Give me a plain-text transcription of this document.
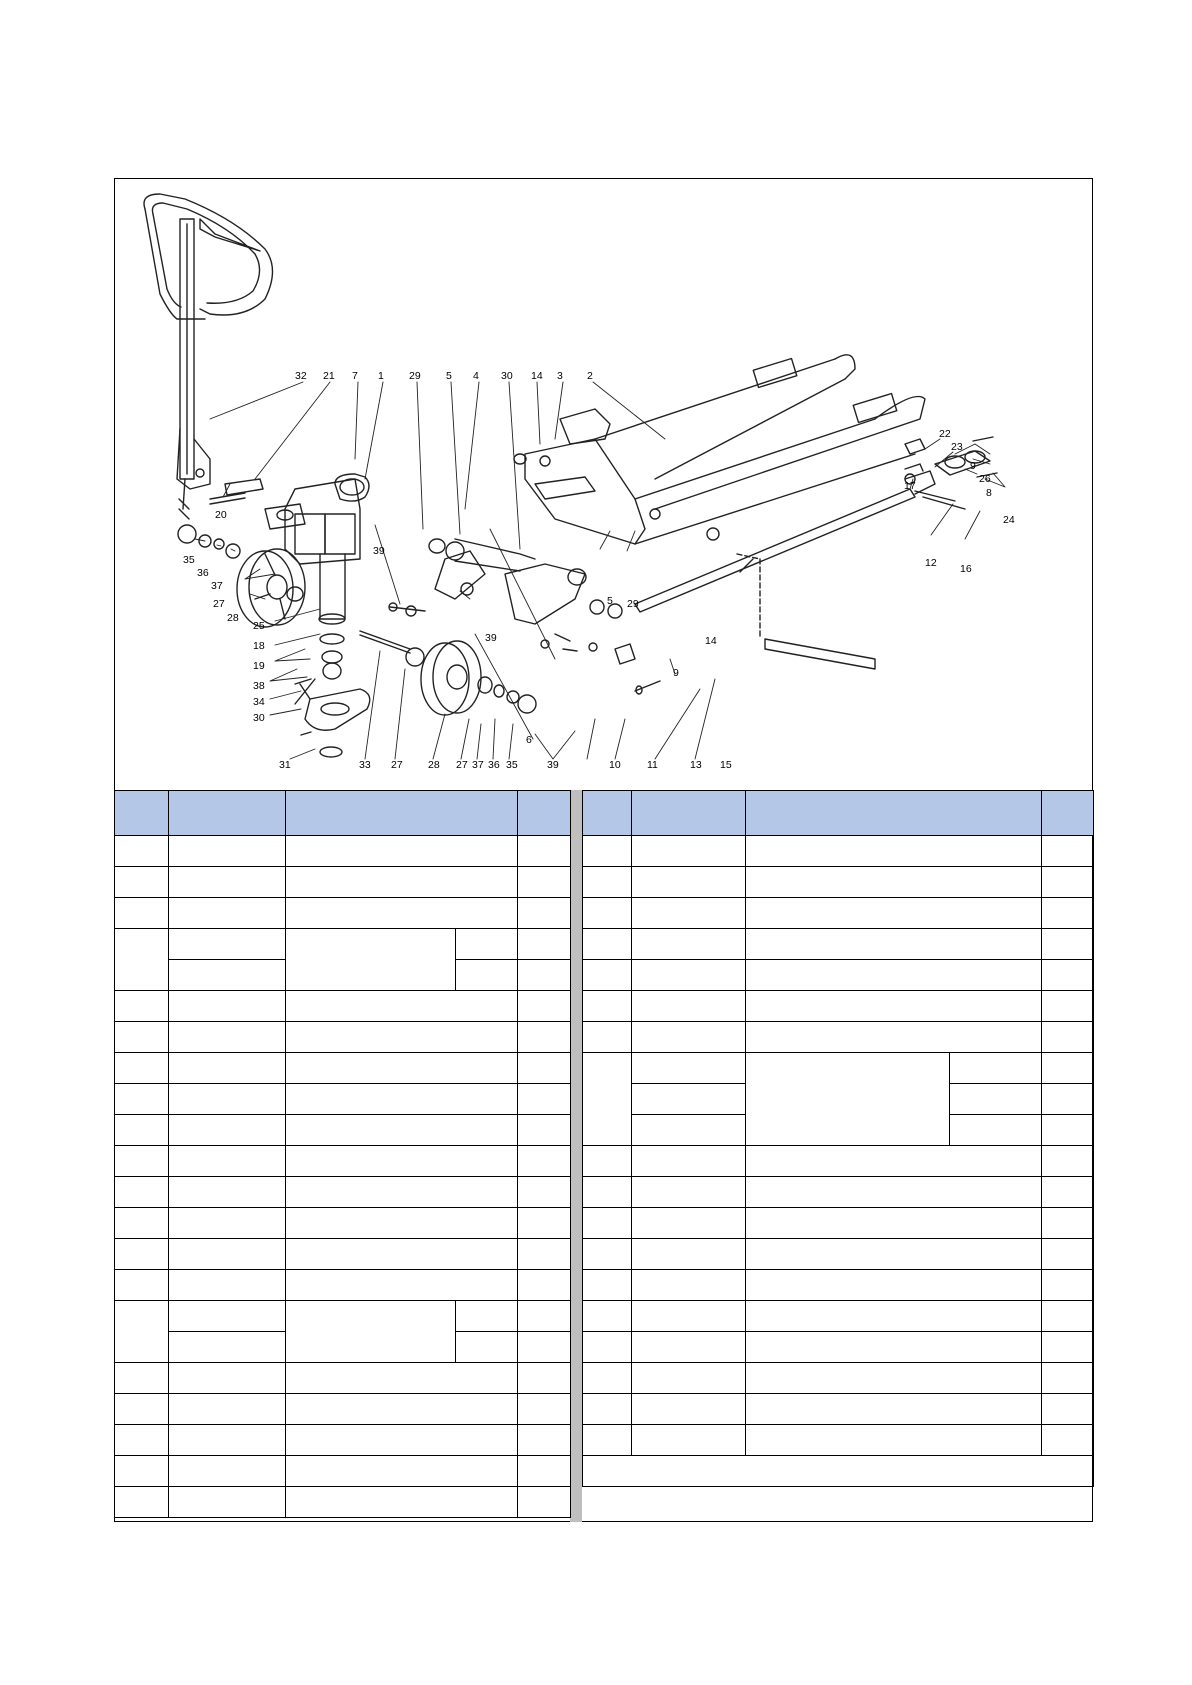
32 21 7 1 29 5 4 30 14 3 2
22
23
9
26
8
24
17
12 16
20
35
36
37
27
28
39
25
18
19
38
34
30
31	33 27 28 27 37 36 35	39	10	11	13 15
5 29
6
14
9
39
